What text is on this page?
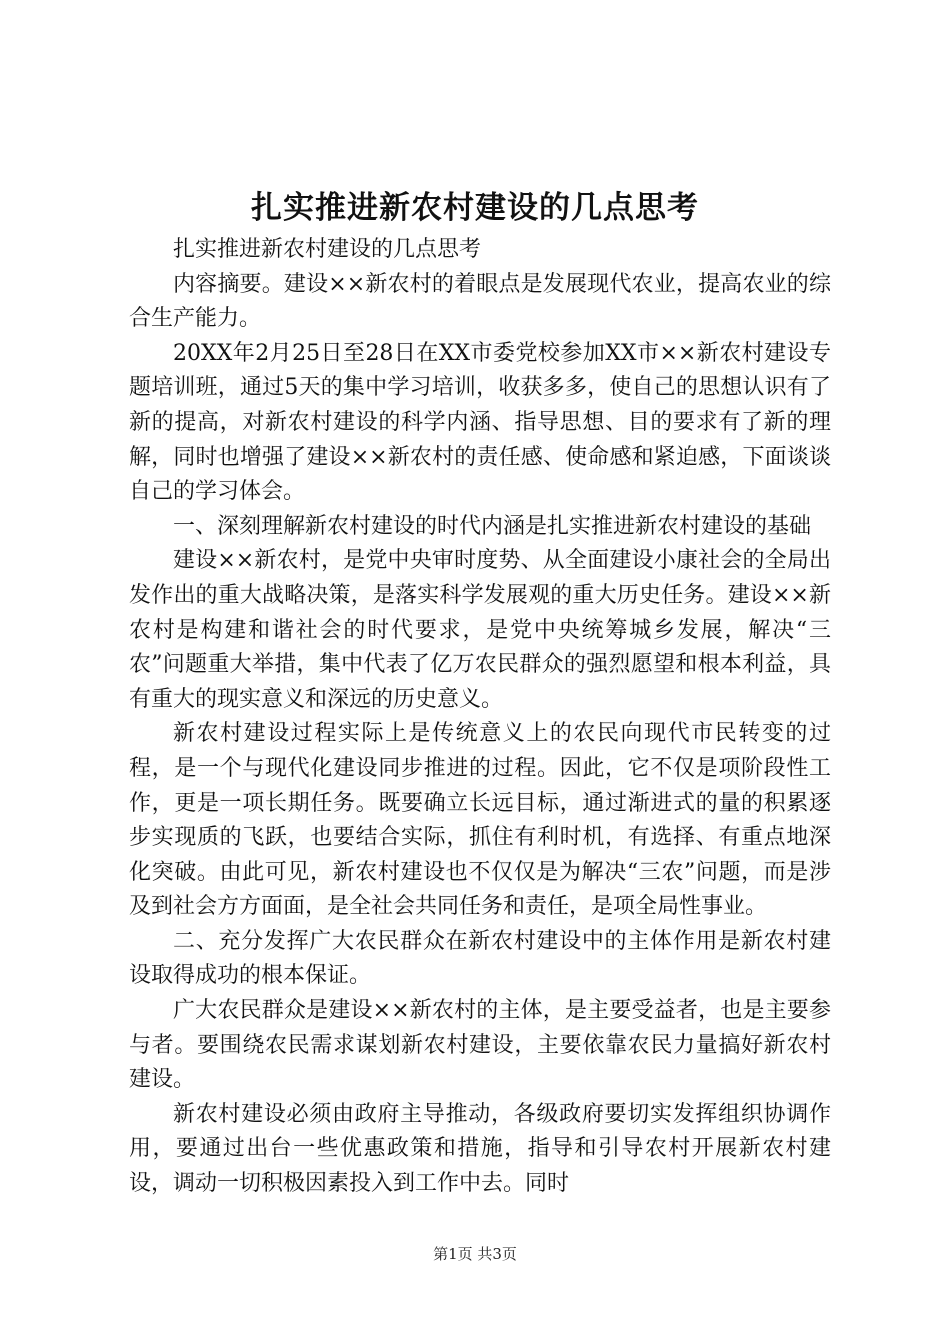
扎实推进新农村建设的几点思考

扎实推进新农村建设的几点思考

内容摘要。建设××新农村的着眼点是发展现代农业，提高农业的综合生产能力。

20XX年2月25日至28日在XX市委党校参加XX市××新农村建设专题培训班，通过5天的集中学习培训，收获多多，使自己的思想认识有了新的提高，对新农村建设的科学内涵、指导思想、目的要求有了新的理解，同时也增强了建设××新农村的责任感、使命感和紧迫感，下面谈谈自己的学习体会。

一、深刻理解新农村建设的时代内涵是扎实推进新农村建设的基础

建设××新农村，是党中央审时度势、从全面建设小康社会的全局出发作出的重大战略决策，是落实科学发展观的重大历史任务。建设××新农村是构建和谐社会的时代要求，是党中央统筹城乡发展，解决“三农”问题重大举措，集中代表了亿万农民群众的强烈愿望和根本利益，具有重大的现实意义和深远的历史意义。

新农村建设过程实际上是传统意义上的农民向现代市民转变的过程，是一个与现代化建设同步推进的过程。因此，它不仅是项阶段性工作，更是一项长期任务。既要确立长远目标，通过渐进式的量的积累逐步实现质的飞跃，也要结合实际，抓住有利时机，有选择、有重点地深化突破。由此可见，新农村建设也不仅仅是为解决“三农”问题，而是涉及到社会方方面面，是全社会共同任务和责任，是项全局性事业。

二、充分发挥广大农民群众在新农村建设中的主体作用是新农村建设取得成功的根本保证。

广大农民群众是建设××新农村的主体，是主要受益者，也是主要参与者。要围绕农民需求谋划新农村建设，主要依靠农民力量搞好新农村建设。

新农村建设必须由政府主导推动，各级政府要切实发挥组织协调作用，要通过出台一些优惠政策和措施，指导和引导农村开展新农村建设，调动一切积极因素投入到工作中去。同时

第1页 共3页
